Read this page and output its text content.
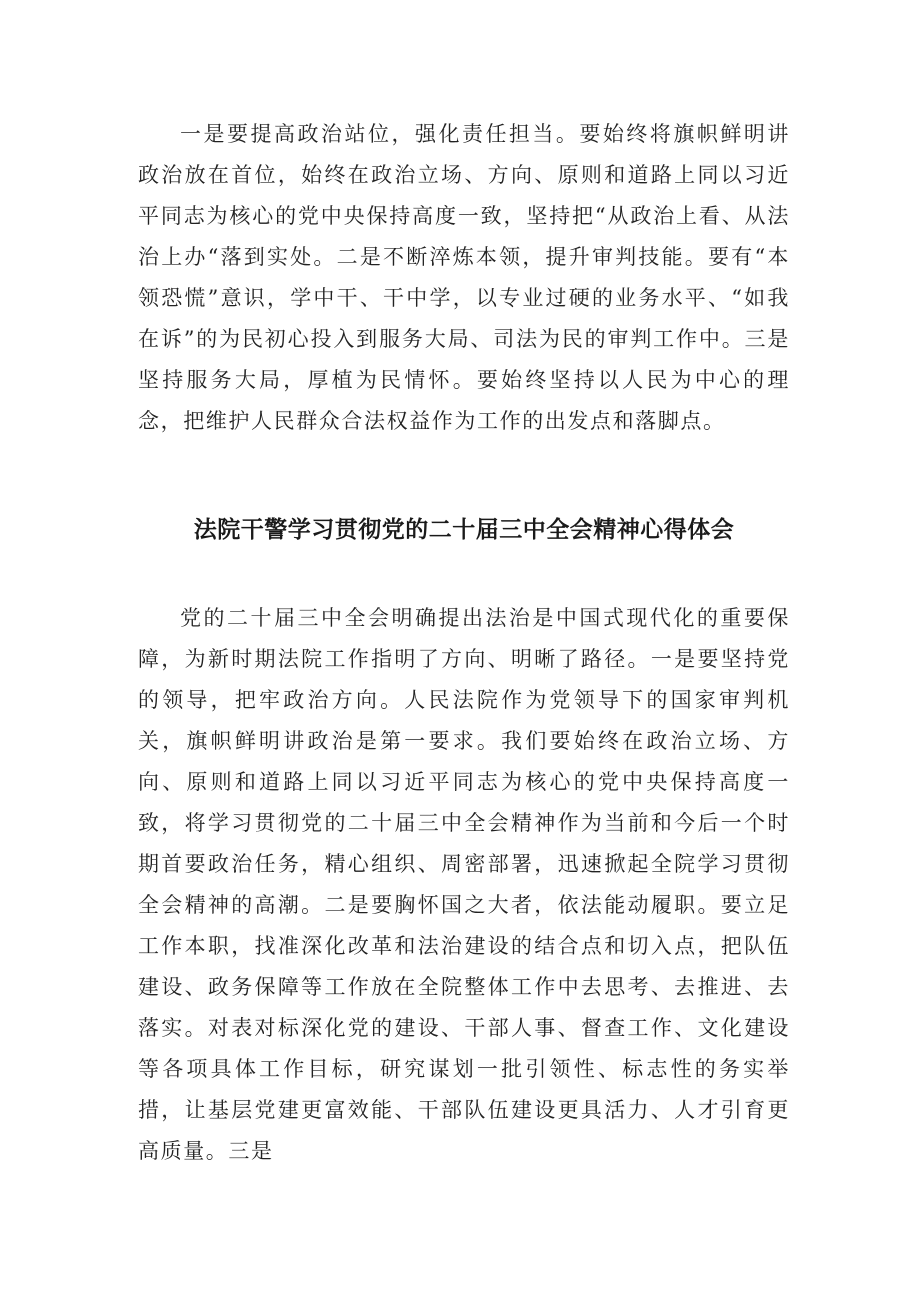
一是要提高政治站位，强化责任担当。要始终将旗帜鲜明讲政治放在首位，始终在政治立场、方向、原则和道路上同以习近平同志为核心的党中央保持高度一致，坚持把“从政治上看、从法治上办“落到实处。二是不断淬炼本领，提升审判技能。要有“本领恐慌”意识，学中干、干中学，以专业过硬的业务水平、“如我在诉”的为民初心投入到服务大局、司法为民的审判工作中。三是坚持服务大局，厚植为民情怀。要始终坚持以人民为中心的理念，把维护人民群众合法权益作为工作的出发点和落脚点。

法院干警学习贯彻党的二十届三中全会精神心得体会

党的二十届三中全会明确提出法治是中国式现代化的重要保障，为新时期法院工作指明了方向、明晰了路径。一是要坚持党的领导，把牢政治方向。人民法院作为党领导下的国家审判机关，旗帜鲜明讲政治是第一要求。我们要始终在政治立场、方向、原则和道路上同以习近平同志为核心的党中央保持高度一致，将学习贯彻党的二十届三中全会精神作为当前和今后一个时期首要政治任务，精心组织、周密部署，迅速掀起全院学习贯彻全会精神的高潮。二是要胸怀国之大者，依法能动履职。要立足工作本职，找准深化改革和法治建设的结合点和切入点，把队伍建设、政务保障等工作放在全院整体工作中去思考、去推进、去落实。对表对标深化党的建设、干部人事、督查工作、文化建设等各项具体工作目标，研究谋划一批引领性、标志性的务实举措，让基层党建更富效能、干部队伍建设更具活力、人才引育更高质量。三是
